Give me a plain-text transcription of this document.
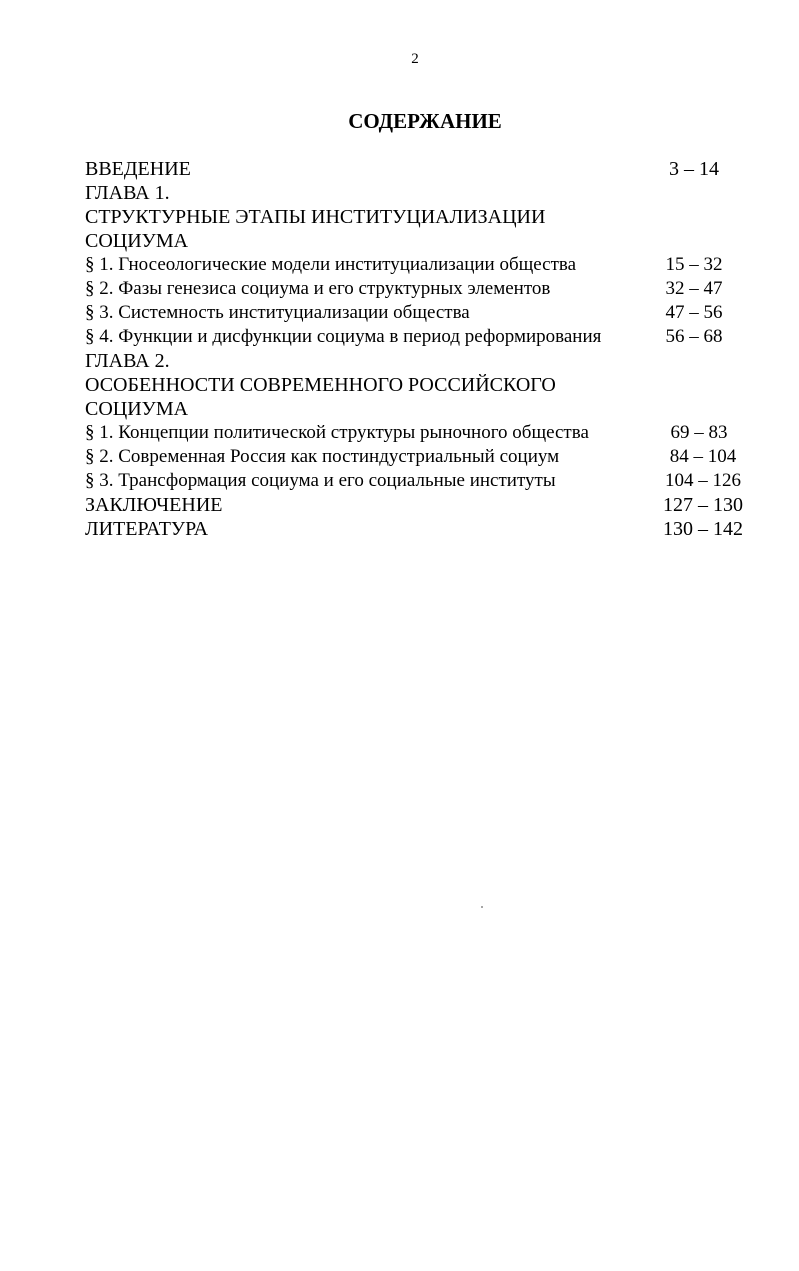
2
СОДЕРЖАНИЕ
ВВЕДЕНИЕ	3 – 14
ГЛАВА 1.
СТРУКТУРНЫЕ ЭТАПЫ ИНСТИТУЦИАЛИЗАЦИИ
СОЦИУМА
§ 1. Гносеологические модели институциализации общества	15 – 32
§ 2. Фазы генезиса социума и его структурных элементов	32 – 47
§ 3. Системность институциализации общества	47 – 56
§ 4. Функции и дисфункции социума в период реформирования	56 – 68
ГЛАВА 2.
ОСОБЕННОСТИ СОВРЕМЕННОГО РОССИЙСКОГО
СОЦИУМА
§ 1. Концепции политической структуры рыночного общества	69 – 83
§ 2. Современная Россия как постиндустриальный социум	84 – 104
§ 3. Трансформация социума и его социальные институты	104 – 126
ЗАКЛЮЧЕНИЕ	127 – 130
ЛИТЕРАТУРА	130 – 142
